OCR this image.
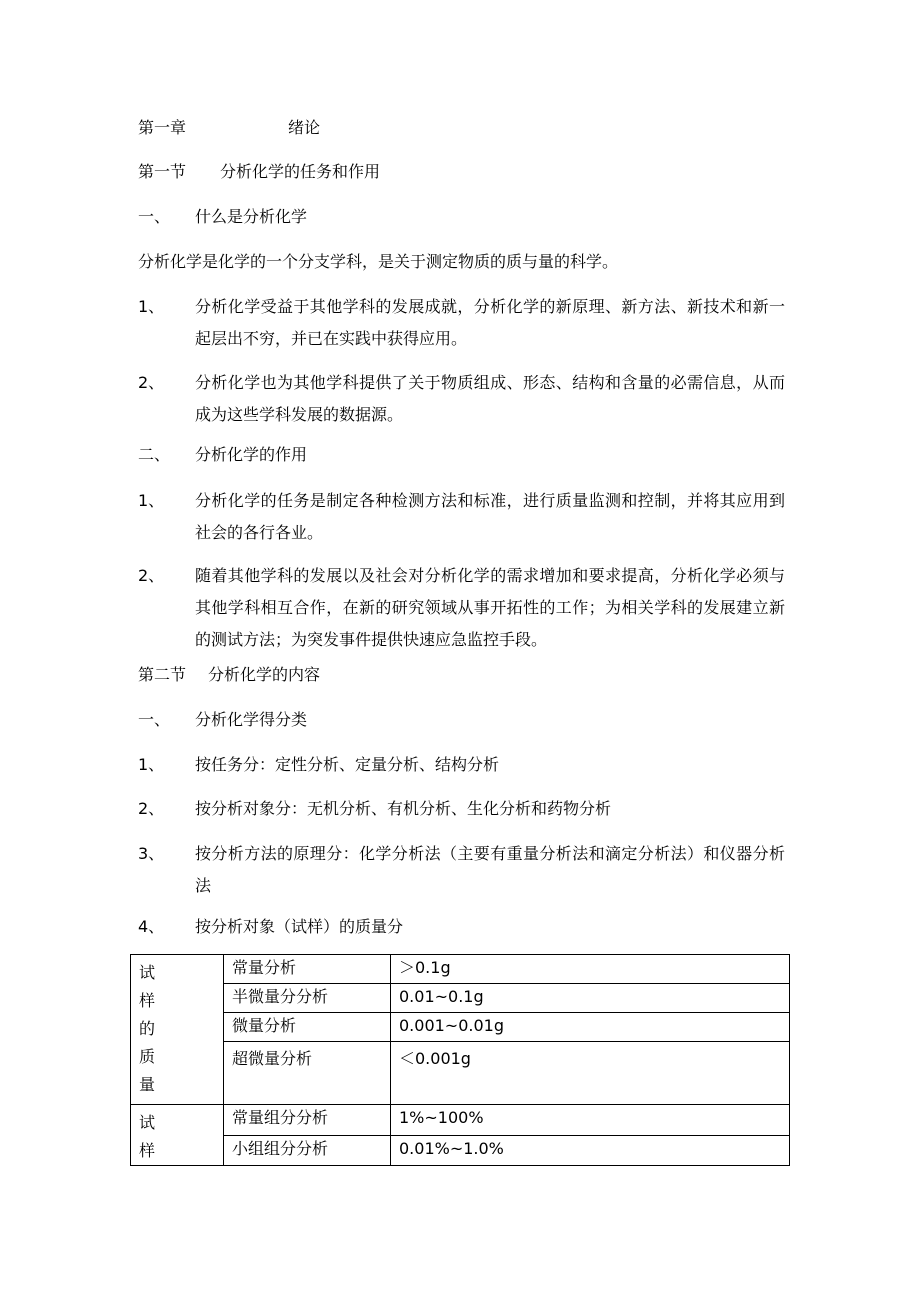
第一章	绪论
第一节 分析化学的任务和作用
一、 什么是分析化学
分析化学是化学的一个分支学科，是关于测定物质的质与量的科学。
1、 分析化学受益于其他学科的发展成就，分析化学的新原理、新方法、新技术和新一起层出不穷，并已在实践中获得应用。
2、 分析化学也为其他学科提供了关于物质组成、形态、结构和含量的必需信息，从而成为这些学科发展的数据源。
二、 分析化学的作用
1、 分析化学的任务是制定各种检测方法和标准，进行质量监测和控制，并将其应用到社会的各行各业。
2、 随着其他学科的发展以及社会对分析化学的需求增加和要求提高，分析化学必须与其他学科相互合作，在新的研究领域从事开拓性的工作；为相关学科的发展建立新的测试方法；为突发事件提供快速应急监控手段。
第二节 分析化学的内容
一、 分析化学得分类
1、 按任务分：定性分析、定量分析、结构分析
2、 按分析对象分：无机分析、有机分析、生化分析和药物分析
3、 按分析方法的原理分：化学分析法（主要有重量分析法和滴定分析法）和仪器分析法
4、 按分析对象（试样）的质量分
试
样
的
质
量	常量分析	＞0.1g
	半微量分分析	0.01~0.1g
	微量分析	0.001~0.01g
	超微量分析	＜0.001g

试
样	常量组分分析	1%~100%
	小组组分分析	0.01%~1.0%
